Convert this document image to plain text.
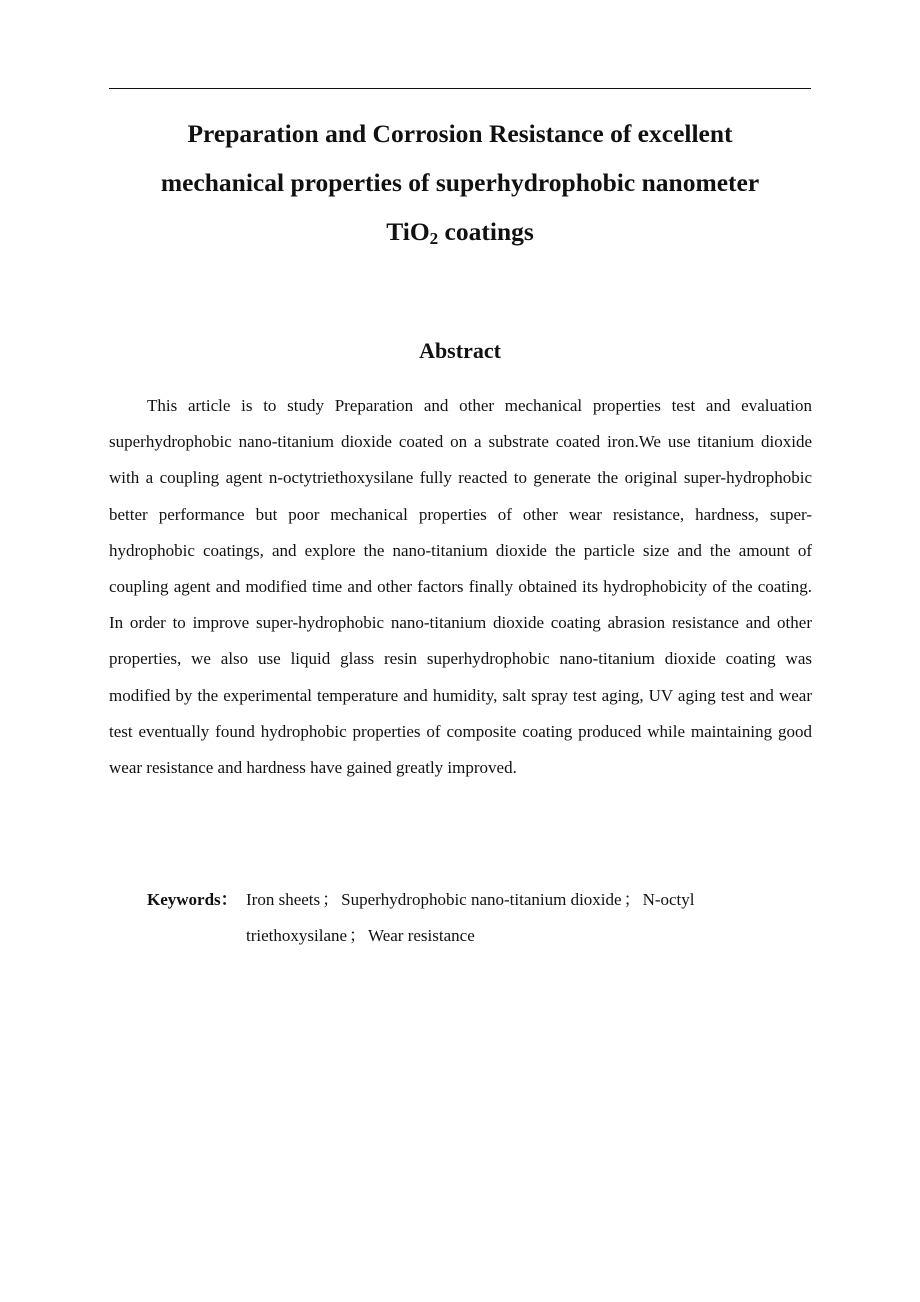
Preparation and Corrosion Resistance of excellent
mechanical properties of superhydrophobic nanometer
TiO$_2$ coatings
Abstract

This article is to study Preparation and other mechanical properties test and evaluation superhydrophobic nano-titanium dioxide coated on a substrate coated iron.We use titanium dioxide with a coupling agent n-octytriethoxysilane fully reacted to generate the original super-hydrophobic better performance but poor mechanical properties of other wear resistance, hardness, super-hydrophobic coatings, and explore the nano-titanium dioxide the particle size and the amount of coupling agent and modified time and other factors finally obtained its hydrophobicity of the coating. In order to improve super-hydrophobic nano-titanium dioxide coating abrasion resistance and other properties, we also use liquid glass resin superhydrophobic nano-titanium dioxide coating was modified by the experimental temperature and humidity, salt spray test aging, UV aging test and wear test eventually found hydrophobic properties of composite coating produced while maintaining good wear resistance and hardness have gained greatly improved.

Keywords： Iron sheets ； Superhydrophobic nano-titanium dioxide ； N-octyl triethoxysilane ； Wear resistance
